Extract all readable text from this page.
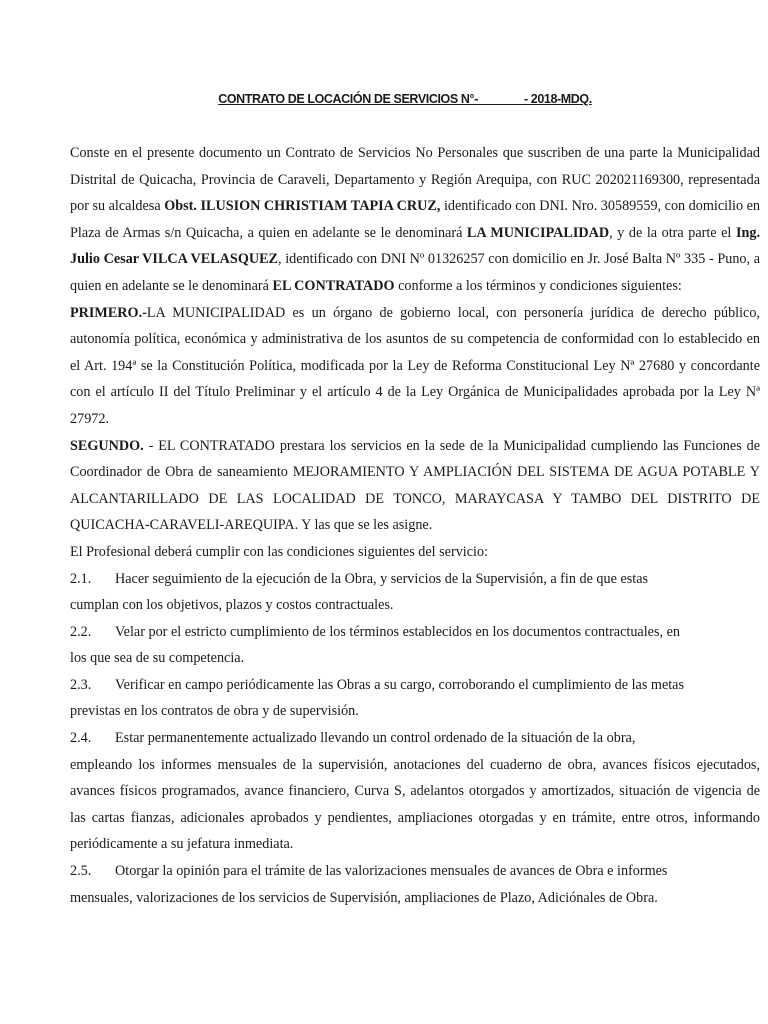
CONTRATO DE LOCACIÓN DE SERVICIOS N°-	- 2018-MDQ.

Conste en el presente documento un Contrato de Servicios No Personales que suscriben de una parte la Municipalidad Distrital de Quicacha, Provincia de Caraveli, Departamento y Región Arequipa, con RUC 202021169300, representada por su alcaldesa Obst. ILUSION CHRISTIAM TAPIA CRUZ, identificado con DNI. Nro. 30589559, con domicilio en Plaza de Armas s/n Quicacha, a quien en adelante se le denominará LA MUNICIPALIDAD, y de la otra parte el Ing. Julio Cesar VILCA VELASQUEZ, identificado con DNI Nº 01326257 con domicilio en Jr. José Balta Nº 335 - Puno, a quien en adelante se le denominará EL CONTRATADO conforme a los términos y condiciones siguientes:

PRIMERO.-LA MUNICIPALIDAD es un órgano de gobierno local, con personería jurídica de derecho público, autonomía política, económica y administrativa de los asuntos de su competencia de conformidad con lo establecido en el Art. 194ª se la Constitución Política, modificada por la Ley de Reforma Constitucional Ley Nª 27680 y concordante con el artículo II del Título Preliminar y el artículo 4 de la Ley Orgánica de Municipalidades aprobada por la Ley Nª 27972.

SEGUNDO. - EL CONTRATADO prestara los servicios en la sede de la Municipalidad cumpliendo las Funciones de Coordinador de Obra de saneamiento MEJORAMIENTO Y AMPLIACIÓN DEL SISTEMA DE AGUA POTABLE Y ALCANTARILLADO DE LAS LOCALIDAD DE TONCO, MARAYCASA Y TAMBO DEL DISTRITO DE QUICACHA-CARAVELI-AREQUIPA. Y las que se les asigne.

El Profesional deberá cumplir con las condiciones siguientes del servicio:

2.1.	Hacer seguimiento de la ejecución de la Obra, y servicios de la Supervisión, a fin de que estas

cumplan con los objetivos, plazos y costos contractuales.

2.2.	Velar por el estricto cumplimiento de los términos establecidos en los documentos contractuales, en

los que sea de su competencia.

2.3.	Verificar en campo periódicamente las Obras a su cargo, corroborando el cumplimiento de las metas

previstas en los contratos de obra y de supervisión.

2.4.	Estar permanentemente actualizado llevando un control ordenado de la situación de la obra,

empleando los informes mensuales de la supervisión, anotaciones del cuaderno de obra, avances físicos ejecutados, avances físicos programados, avance financiero, Curva S, adelantos otorgados y amortizados, situación de vigencia de las cartas fianzas, adicionales aprobados y pendientes, ampliaciones otorgadas y en trámite, entre otros, informando periódicamente a su jefatura inmediata.

2.5.	Otorgar la opinión para el trámite de las valorizaciones mensuales de avances de Obra e informes

mensuales, valorizaciones de los servicios de Supervisión, ampliaciones de Plazo, Adiciónales de Obra.
